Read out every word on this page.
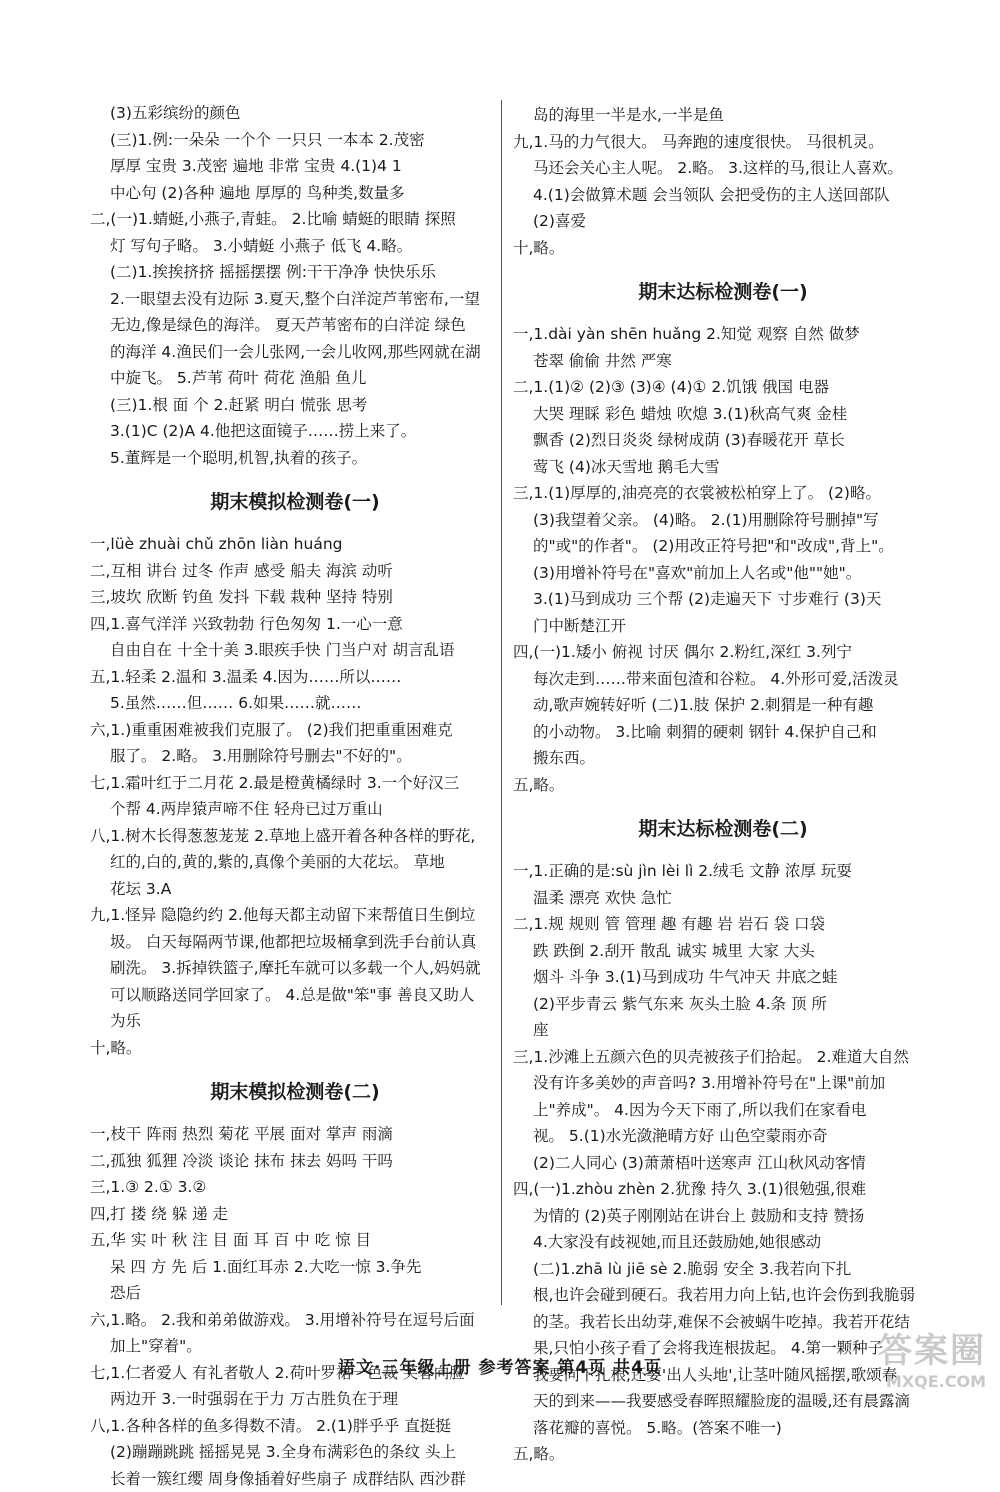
(3)五彩缤纷的颜色
(三)1.例:一朵朵 一个个 一只只 一本本 2.茂密
厚厚 宝贵 3.茂密 遍地 非常 宝贵 4.(1)4 1
中心句 (2)各种 遍地 厚厚的 鸟种类,数量多
二,(一)1.蜻蜓,小燕子,青蛙。 2.比喻 蜻蜓的眼睛 探照
灯 写句子略。 3.小蜻蜓 小燕子 低飞 4.略。
(二)1.挨挨挤挤 摇摇摆摆 例:干干净净 快快乐乐
2.一眼望去没有边际 3.夏天,整个白洋淀芦苇密布,一望
无边,像是绿色的海洋。 夏天芦苇密布的白洋淀 绿色
的海洋 4.渔民们一会儿张网,一会儿收网,那些网就在湖
中旋飞。 5.芦苇 荷叶 荷花 渔船 鱼儿
(三)1.根 面 个 2.赶紧 明白 慌张 思考
3.(1)C (2)A 4.他把这面镜子……捞上来了。
5.董辉是一个聪明,机智,执着的孩子。
期末模拟检测卷(一)
一,lüè zhuài chǔ zhōn liàn huáng
二,互相 讲台 过冬 作声 感受 船夫 海滨 动听
三,坡坎 欣断 钓鱼 发抖 下载 栽种 坚持 特别
四,1.喜气洋洋 兴致勃勃 行色匆匆 1.一心一意
自由自在 十全十美 3.眼疾手快 门当户对 胡言乱语
五,1.轻柔 2.温和 3.温柔 4.因为……所以……
5.虽然……但…… 6.如果……就……
六,1.)重重困难被我们克服了。 (2)我们把重重困难克
服了。 2.略。 3.用删除符号删去"不好的"。
七,1.霜叶红于二月花 2.最是橙黄橘绿时 3.一个好汉三
个帮 4.两岸猿声啼不住 轻舟已过万重山
八,1.树木长得葱葱茏茏 2.草地上盛开着各种各样的野花,
红的,白的,黄的,紫的,真像个美丽的大花坛。 草地
花坛 3.A
九,1.怪异 隐隐约约 2.他每天都主动留下来帮值日生倒垃
圾。 白天每隔两节课,他都把垃圾桶拿到洗手台前认真
刷洗。 3.拆掉铁篮子,摩托车就可以多载一个人,妈妈就
可以顺路送同学回家了。 4.总是做"笨"事 善良又助人
为乐
十,略。
期末模拟检测卷(二)
一,枝干 阵雨 热烈 菊花 平展 面对 掌声 雨滴
二,孤独 狐狸 冷淡 谈论 抹布 抹去 妈吗 干吗
三,1.③ 2.① 3.②
四,打 搂 绕 躲 递 走
五,华 实 叶 秋 注 目 面 耳 百 中 吃 惊 目
呆 四 方 先 后 1.面红耳赤 2.大吃一惊 3.争先
恐后
六,1.略。 2.我和弟弟做游戏。 3.用增补符号在逗号后面
加上"穿着"。
七,1.仁者爱人 有礼者敬人 2.荷叶罗裙一色裁 芙蓉向脸
两边开 3.一时强弱在于力 万古胜负在于理
八,1.各种各样的鱼多得数不清。 2.(1)胖乎乎 直挺挺
(2)蹦蹦跳跳 摇摇晃晃 3.全身布满彩色的条纹 头上
长着一簇红缨 周身像插着好些扇子 成群结队 西沙群
岛的海里一半是水,一半是鱼
九,1.马的力气很大。 马奔跑的速度很快。 马很机灵。
马还会关心主人呢。 2.略。 3.这样的马,很让人喜欢。
4.(1)会做算术题 会当领队 会把受伤的主人送回部队
(2)喜爱
十,略。
期末达标检测卷(一)
一,1.dài yàn shēn huǎng 2.知觉 观察 自然 做梦
苍翠 偷偷 井然 严寒
二,1.(1)② (2)③ (3)④ (4)① 2.饥饿 俄国 电器
大哭 理睬 彩色 蜡烛 吹熄 3.(1)秋高气爽 金桂
飘香 (2)烈日炎炎 绿树成荫 (3)春暖花开 草长
莺飞 (4)冰天雪地 鹅毛大雪
三,1.(1)厚厚的,油亮亮的衣裳被松柏穿上了。 (2)略。
(3)我望着父亲。 (4)略。 2.(1)用删除符号删掉"写
的"或"的作者"。 (2)用改正符号把"和"改成",背上"。
(3)用增补符号在"喜欢"前加上人名或"他""她"。
3.(1)马到成功 三个帮 (2)走遍天下 寸步难行 (3)天
门中断楚江开
四,(一)1.矮小 俯视 讨厌 偶尔 2.粉红,深红 3.列宁
每次走到……带来面包渣和谷粒。 4.外形可爱,活泼灵
动,歌声婉转好听 (二)1.肢 保护 2.刺猬是一种有趣
的小动物。 3.比喻 刺猬的硬刺 钢针 4.保护自己和
搬东西。
五,略。
期末达标检测卷(二)
一,1.正确的是:sù jìn lèi lì 2.绒毛 文静 浓厚 玩耍
温柔 漂亮 欢快 急忙
二,1.规 规则 管 管理 趣 有趣 岩 岩石 袋 口袋
跌 跌倒 2.刮开 散乱 诚实 城里 大家 大头
烟斗 斗争 3.(1)马到成功 牛气冲天 井底之蛙
(2)平步青云 紫气东来 灰头土脸 4.条 顶 所
座
三,1.沙滩上五颜六色的贝壳被孩子们拾起。 2.难道大自然
没有许多美妙的声音吗? 3.用增补符号在"上课"前加
上"养成"。 4.因为今天下雨了,所以我们在家看电
视。 5.(1)水光潋滟晴方好 山色空蒙雨亦奇
(2)二人同心 (3)萧萧梧叶送寒声 江山秋风动客情
四,(一)1.zhòu zhèn 2.犹豫 持久 3.(1)很勉强,很难
为情的 (2)英子刚刚站在讲台上 鼓励和支持 赞扬
4.大家没有歧视她,而且还鼓励她,她很感动
(二)1.zhā lù jiē sè 2.脆弱 安全 3.我若向下扎
根,也许会碰到硬石。我若用力向上钻,也许会伤到我脆弱
的茎。我若长出幼芽,难保不会被蜗牛吃掉。我若开花结
果,只怕小孩子看了会将我连根拔起。 4.第一颗种子
我要向下扎根,还要'出人头地',让茎叶随风摇摆,歌颂春
天的到来——我要感受春晖照耀脸庞的温暖,还有晨露滴
落花瓣的喜悦。 5.略。(答案不唯一)
五,略。
语文·三年级上册 参考答案 第4页 共4页	答案圈
MXQE.COM
